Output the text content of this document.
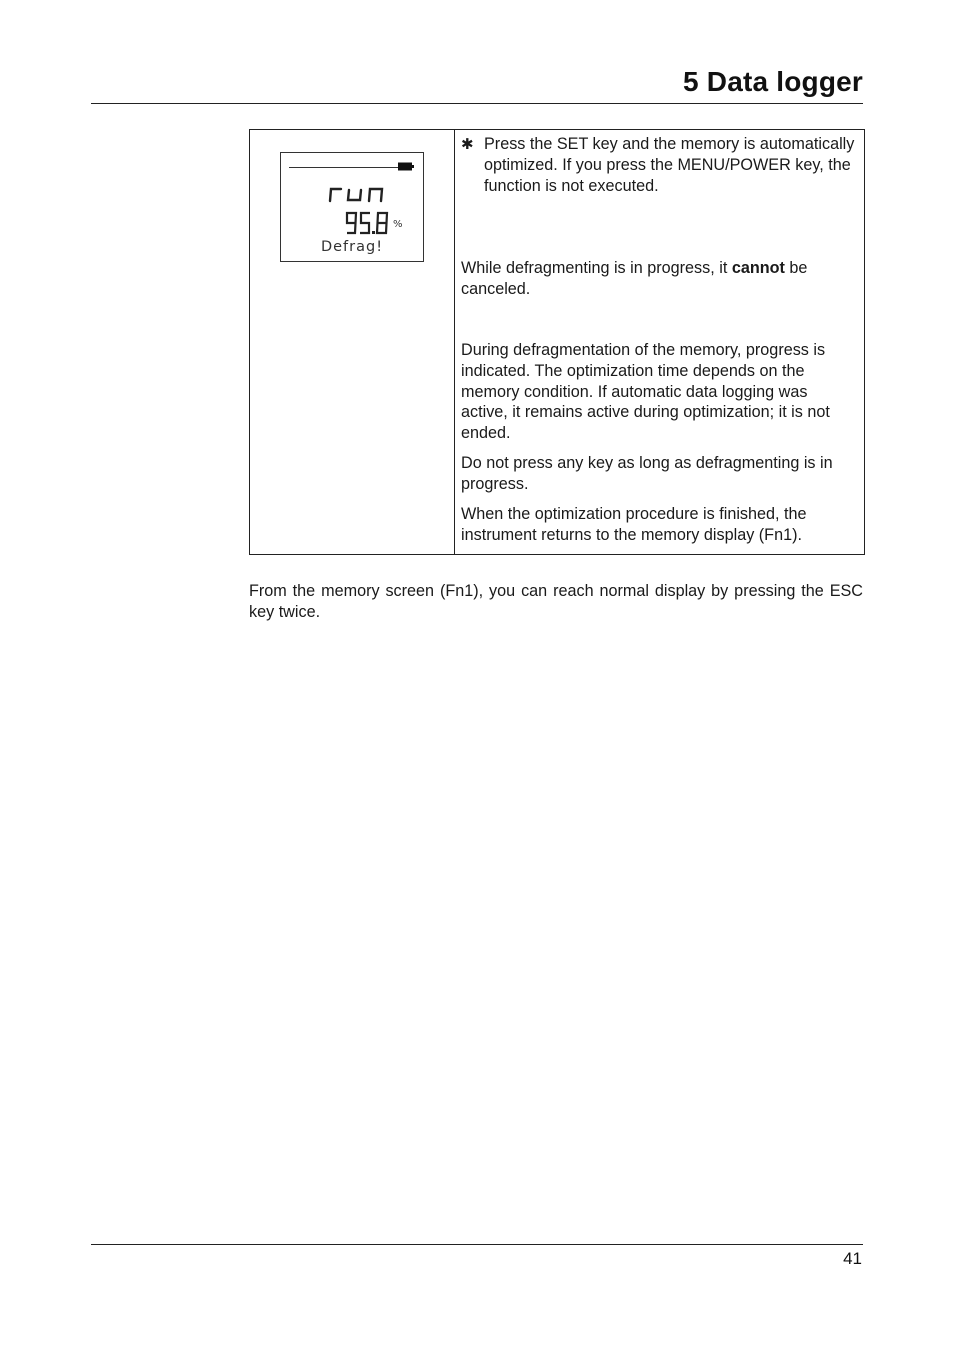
5 Data logger
%
Defrag!
✱ Press the SET key and the memory is automatically optimized. If you press the MENU/POWER key, the function is not executed.

While defragmenting is in progress, it cannot be canceled.

During defragmentation of the memory, progress is indicated. The optimization time depends on the memory condition. If automatic data logging was active, it remains active during optimization; it is not ended.

Do not press any key as long as defragmenting is in progress.

When the optimization procedure is finished, the instrument returns to the memory display (Fn1).

From the memory screen (Fn1), you can reach normal display by pressing the ESC key twice.

41
